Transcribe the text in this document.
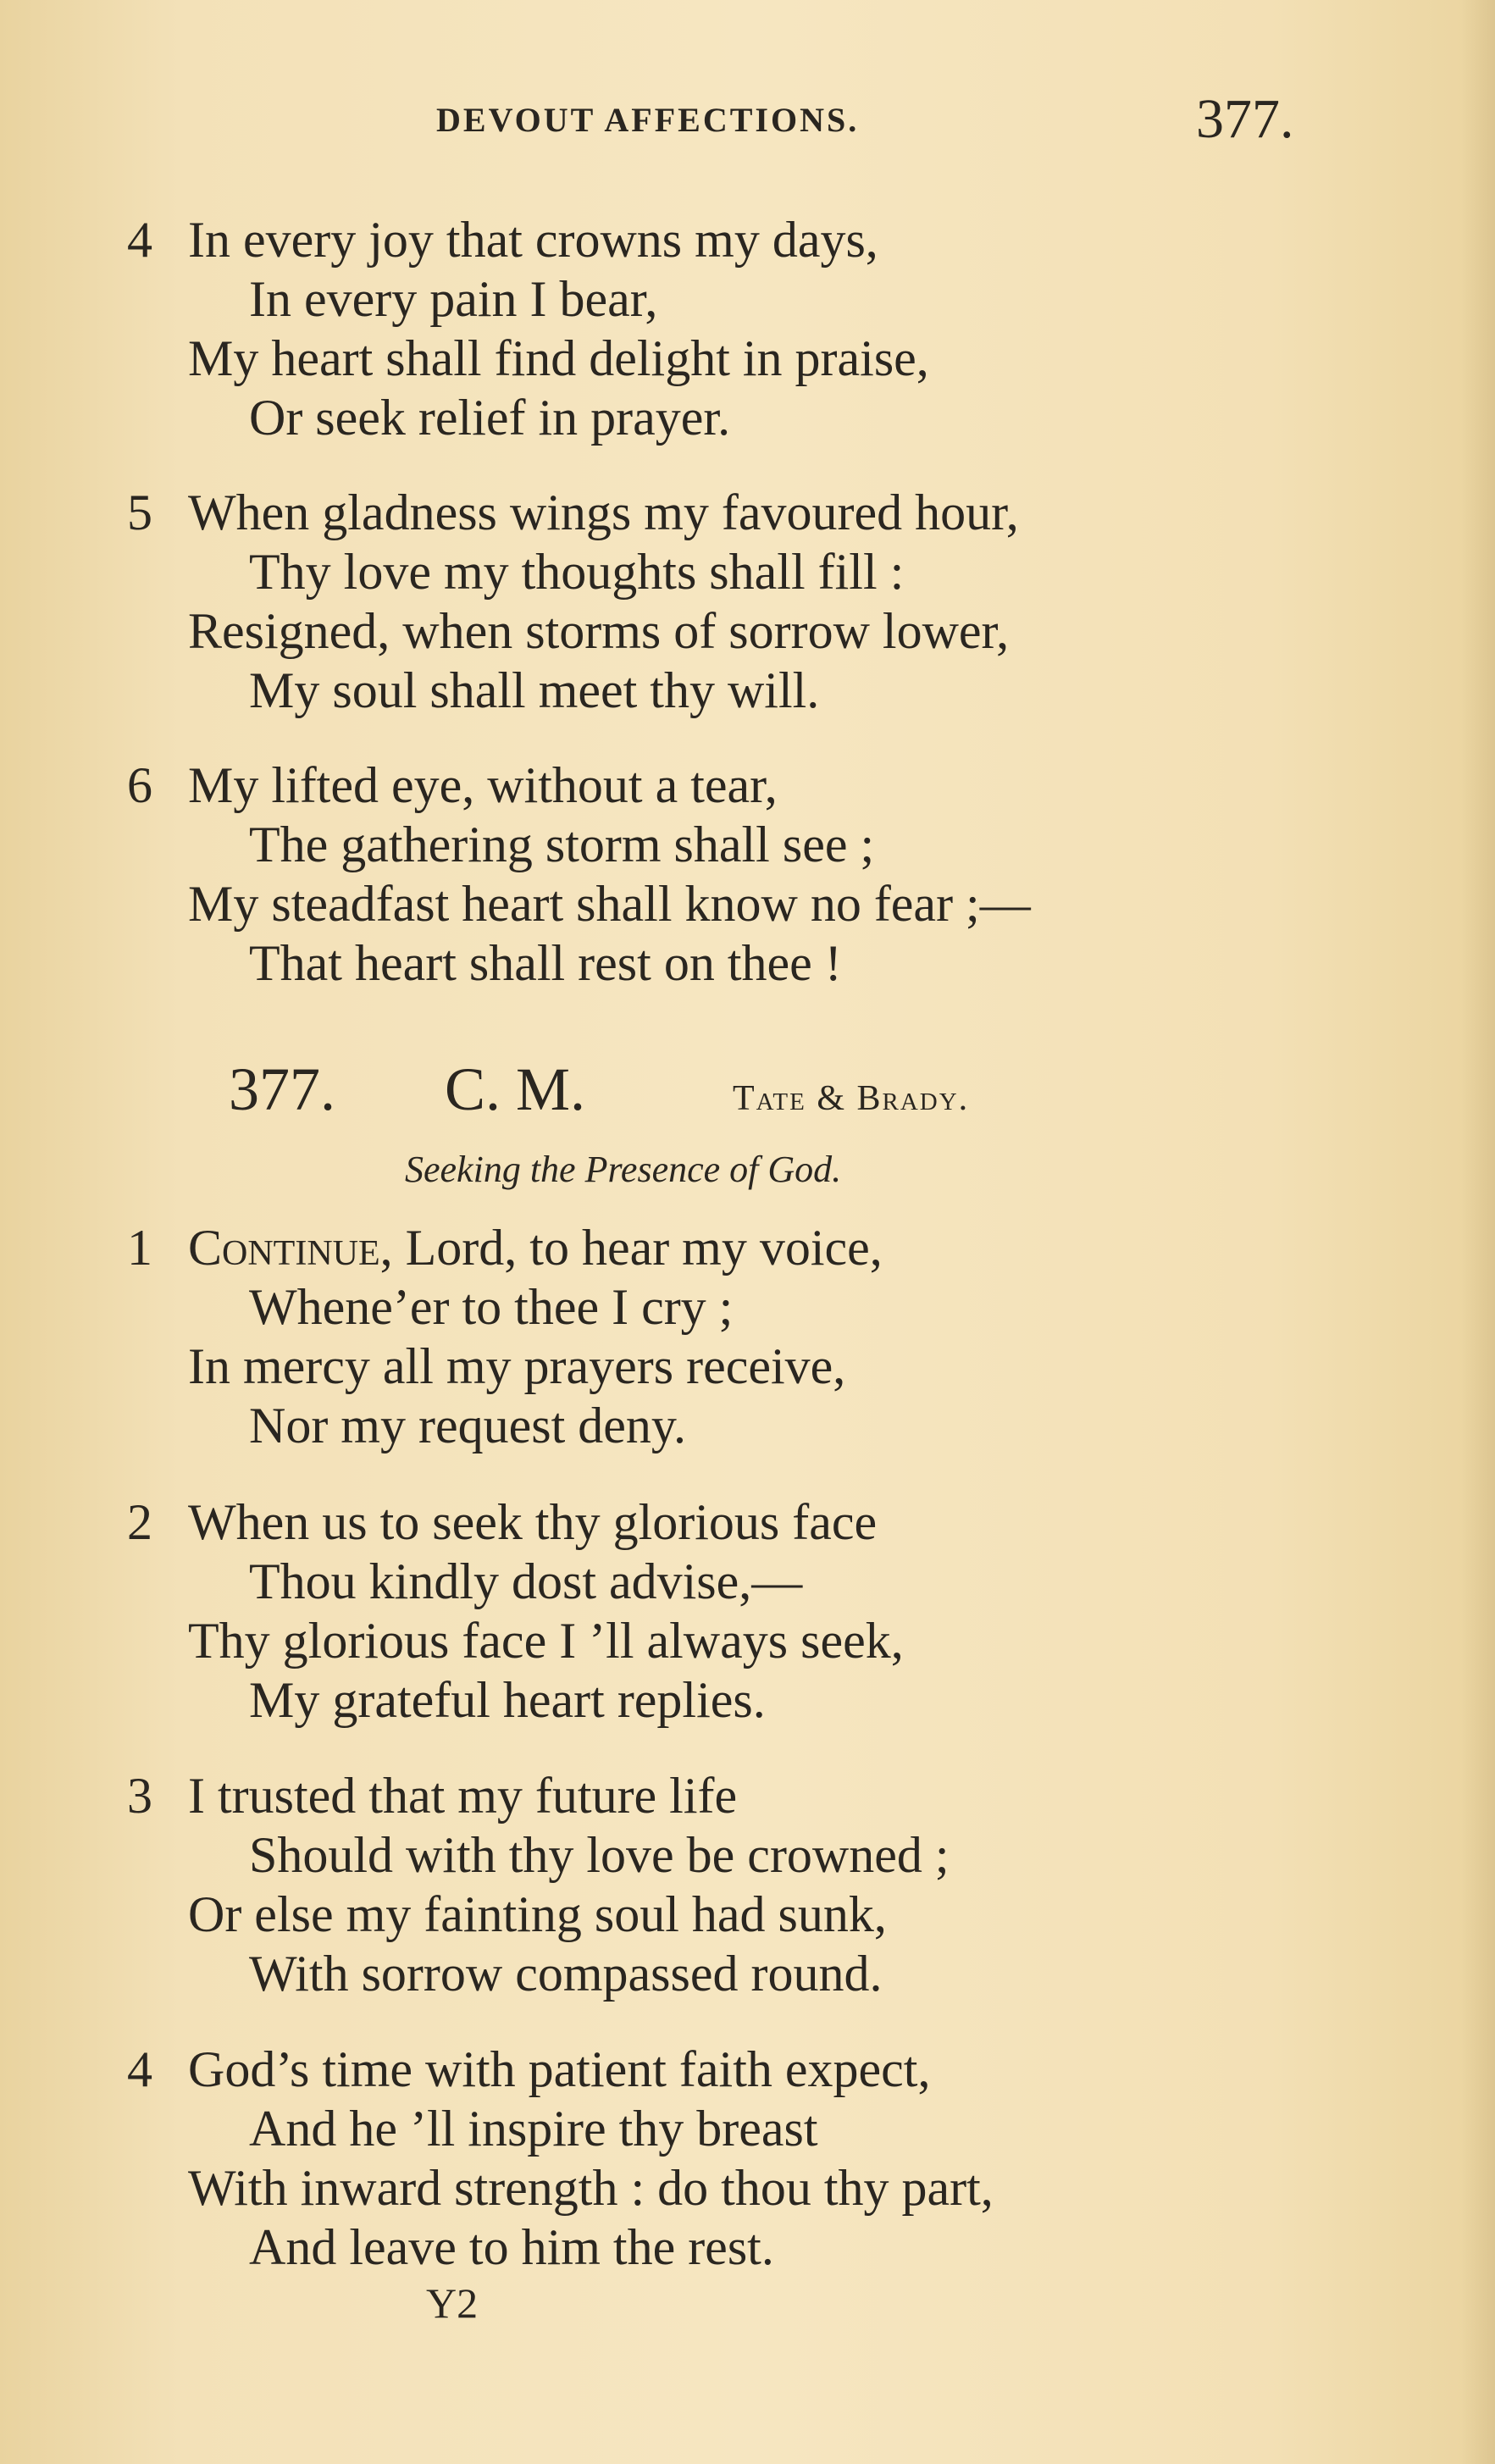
DEVOUT AFFECTIONS.	377.
4 In every joy that crowns my days,
In every pain I bear,
My heart shall find delight in praise,
Or seek relief in prayer.
5 When gladness wings my favoured hour,
Thy love my thoughts shall fill :
Resigned, when storms of sorrow lower,
My soul shall meet thy will.
6 My lifted eye, without a tear,
The gathering storm shall see ;
My steadfast heart shall know no fear ;—
That heart shall rest on thee !
377. C. M.	Tate & Brady.
Seeking the Presence of God.
1 Continue, Lord, to hear my voice,
Whene’er to thee I cry ;
In mercy all my prayers receive,
Nor my request deny.
2 When us to seek thy glorious face
Thou kindly dost advise,—
Thy glorious face I ’ll always seek,
My grateful heart replies.
3 I trusted that my future life
Should with thy love be crowned ;
Or else my fainting soul had sunk,
With sorrow compassed round.
4 God’s time with patient faith expect,
And he ’ll inspire thy breast
With inward strength : do thou thy part,
And leave to him the rest.
Y2
